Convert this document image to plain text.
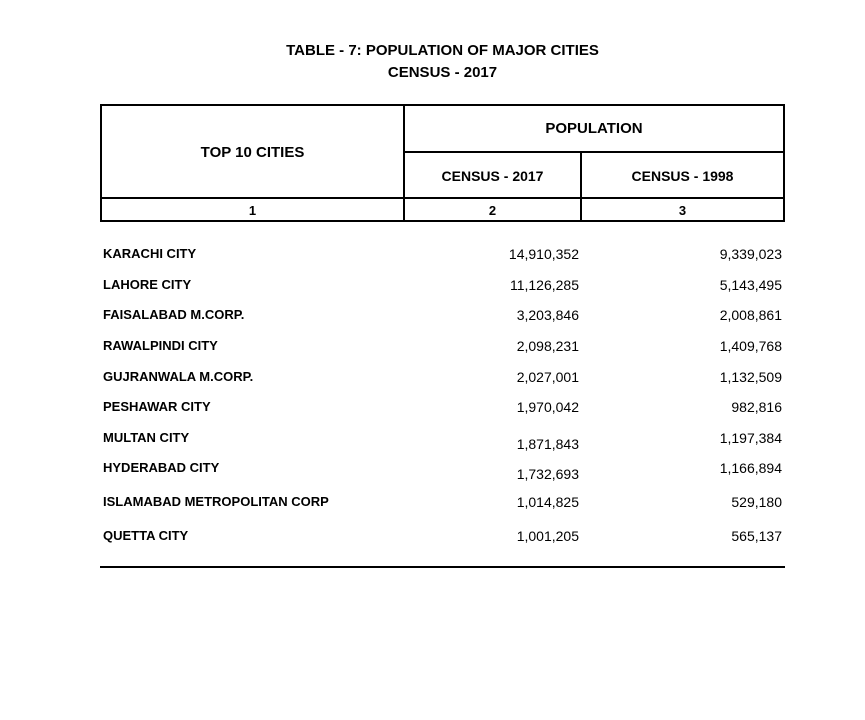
TABLE - 7: POPULATION OF MAJOR CITIES
CENSUS - 2017
TOP 10 CITIES
POPULATION
CENSUS - 2017	CENSUS - 1998
1	2	3
KARACHI CITY	14,910,352	9,339,023
LAHORE CITY	11,126,285	5,143,495
FAISALABAD M.CORP.	3,203,846	2,008,861
RAWALPINDI CITY	2,098,231	1,409,768
GUJRANWALA M.CORP.	2,027,001	1,132,509
PESHAWAR CITY	1,970,042	982,816
MULTAN CITY	1,871,843	1,197,384
HYDERABAD CITY	1,732,693	1,166,894
ISLAMABAD METROPOLITAN CORP	1,014,825	529,180
QUETTA CITY	1,001,205	565,137
